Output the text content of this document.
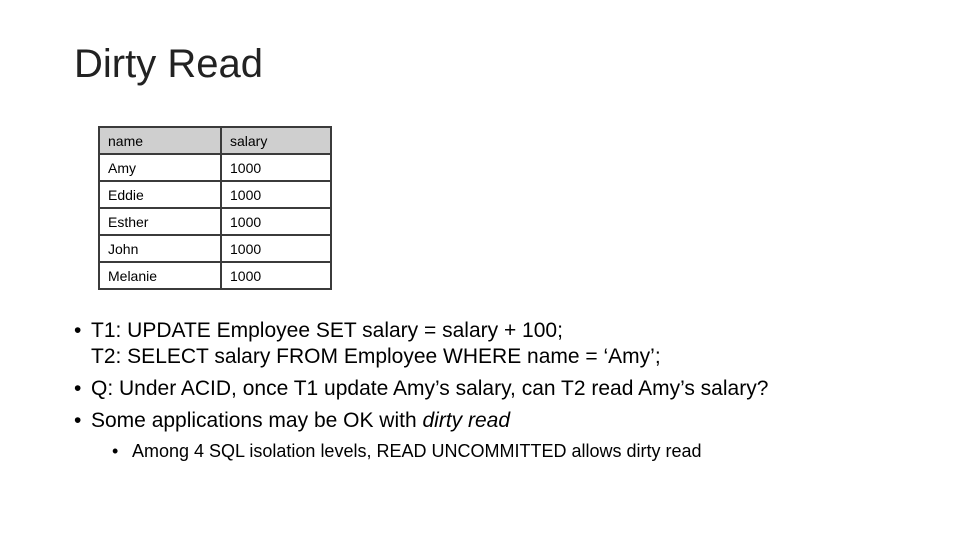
Dirty Read
name	salary
Amy	1000
Eddie	1000
Esther	1000
John	1000
Melanie	1000
• T1: UPDATE Employee SET salary = salary + 100;
T2: SELECT salary FROM Employee WHERE name = ‘Amy’;
• Q: Under ACID, once T1 update Amy’s salary, can T2 read Amy’s salary?
• Some applications may be OK with dirty read
• Among 4 SQL isolation levels, READ UNCOMMITTED allows dirty read
